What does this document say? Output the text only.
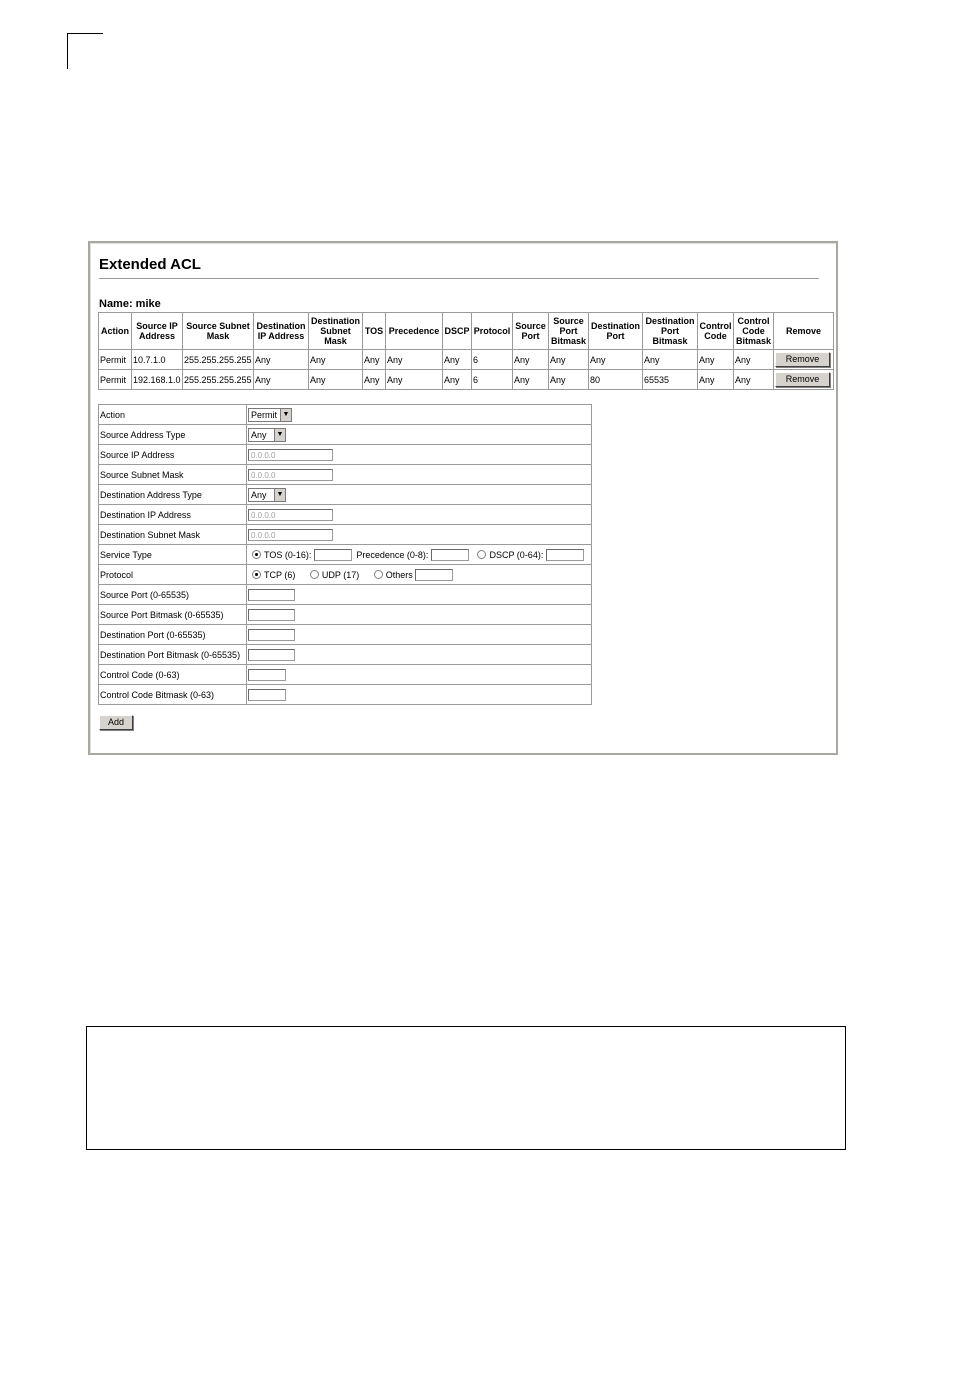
Extended ACL
Name: mike
Action	Source IP Address	Source Subnet Mask	Destination IP Address	Destination Subnet Mask	TOS	Precedence	DSCP	Protocol	Source Port	Source Port Bitmask	Destination Port	Destination Port Bitmask	Control Code	Control Code Bitmask	Remove
Permit	10.7.1.0	255.255.255.255	Any	Any	Any	Any	Any	6	Any	Any	Any	Any	Any	Any	Remove
Permit	192.168.1.0	255.255.255.255	Any	Any	Any	Any	Any	6	Any	Any	80	65535	Any	Any	Remove
Action	Permit ▼

Source Address Type	Any ▼

Source IP Address	0.0.0.0
Source Subnet Mask	0.0.0.0
Destination Address Type	Any ▼

Destination IP Address	0.0.0.0
Destination Subnet Mask	0.0.0.0
Service Type	TOS (0-16): Precedence (0-8): DSCP (0-64):
Protocol	TCP (6) UDP (17) Others
Source Port (0-65535)	
Source Port Bitmask (0-65535)	
Destination Port (0-65535)	
Destination Port Bitmask (0-65535)	
Control Code (0-63)	
Control Code Bitmask (0-63)	
Add
